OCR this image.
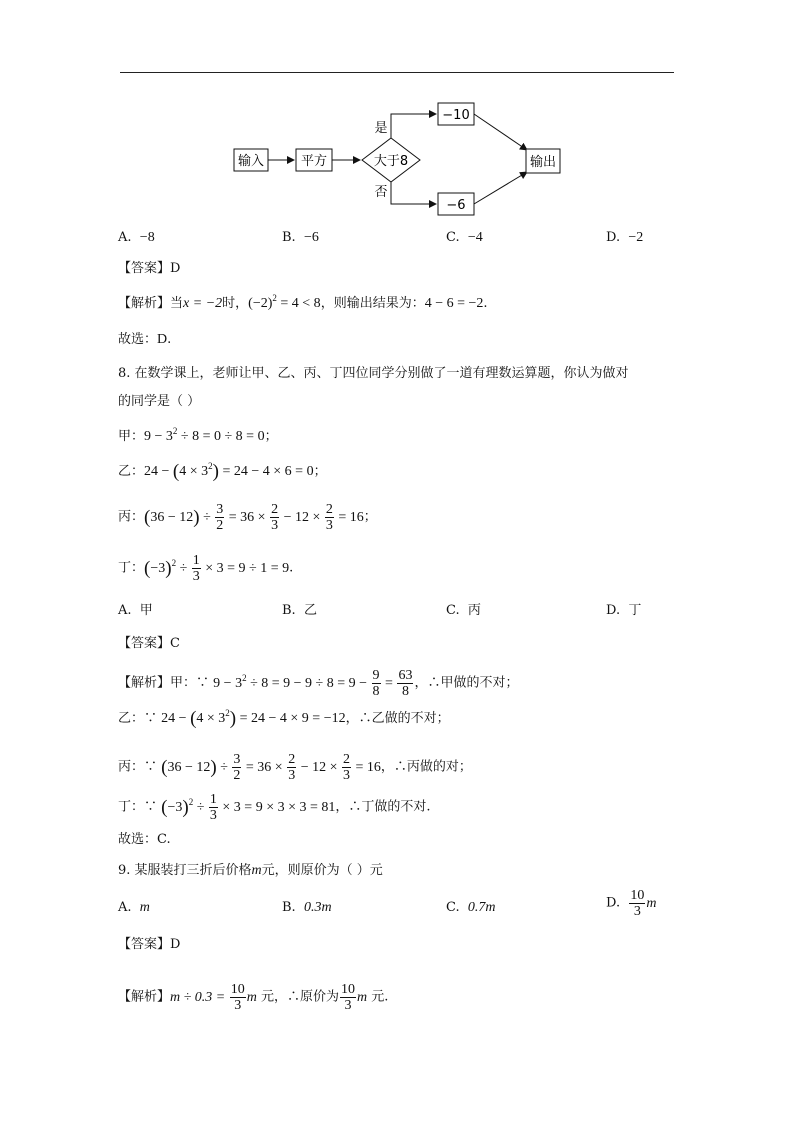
输入	平方	大于8
是
否
−10
−6
输出
A. −8	B. −6	C. −4	D. −2
【答案】D
【解析】当x = −2时，$(-2)^2 = 4 < 8$，则输出结果为：4 − 6 = −2.
故选：D.
8. 在数学课上，老师让甲、乙、丙、丁四位同学分别做了一道有理数运算题，你认为做对
的同学是（ ）
甲：$9 - 3^2 \div 8 = 0 \div 8 = 0$；
乙：$24 - (4 \times 3^2) = 24 - 4 \times 6 = 0$；
丙：$(36 - 12) \div \frac{3}{2} = 36 \times \frac{2}{3} - 12 \times \frac{2}{3} = 16$；
丁：$(-3)^2 \div \frac{1}{3} \times 3 = 9 \div 1 = 9$.
A. 甲	B. 乙	C. 丙	D. 丁
【答案】C
【解析】甲：∵ $9 - 3^2 \div 8 = 9 - 9 \div 8 = 9 - \frac{9}{8} = \frac{63}{8}$ ，∴甲做的不对；
乙：∵ $24 - (4 \times 3^2) = 24 - 4 \times 9 = -12$，∴乙做的不对；
丙：∵ $(36 - 12) \div \frac{3}{2} = 36 \times \frac{2}{3} - 12 \times \frac{2}{3} = 16$，∴丙做的对；
丁：∵ $(-3)^2 \div \frac{1}{3} \times 3 = 9 \times 3 \times 3 = 81$，∴丁做的不对.
故选：C.
9. 某服装打三折后价格m元，则原价为（ ）元
A. m	B. 0.3m	C. 0.7m	D. $\frac{10}{3}$ m
【答案】D
【解析】$m \div 0.3 = \frac{10}{3}$ m 元，∴原价为 $\frac{10}{3}$ m 元.
